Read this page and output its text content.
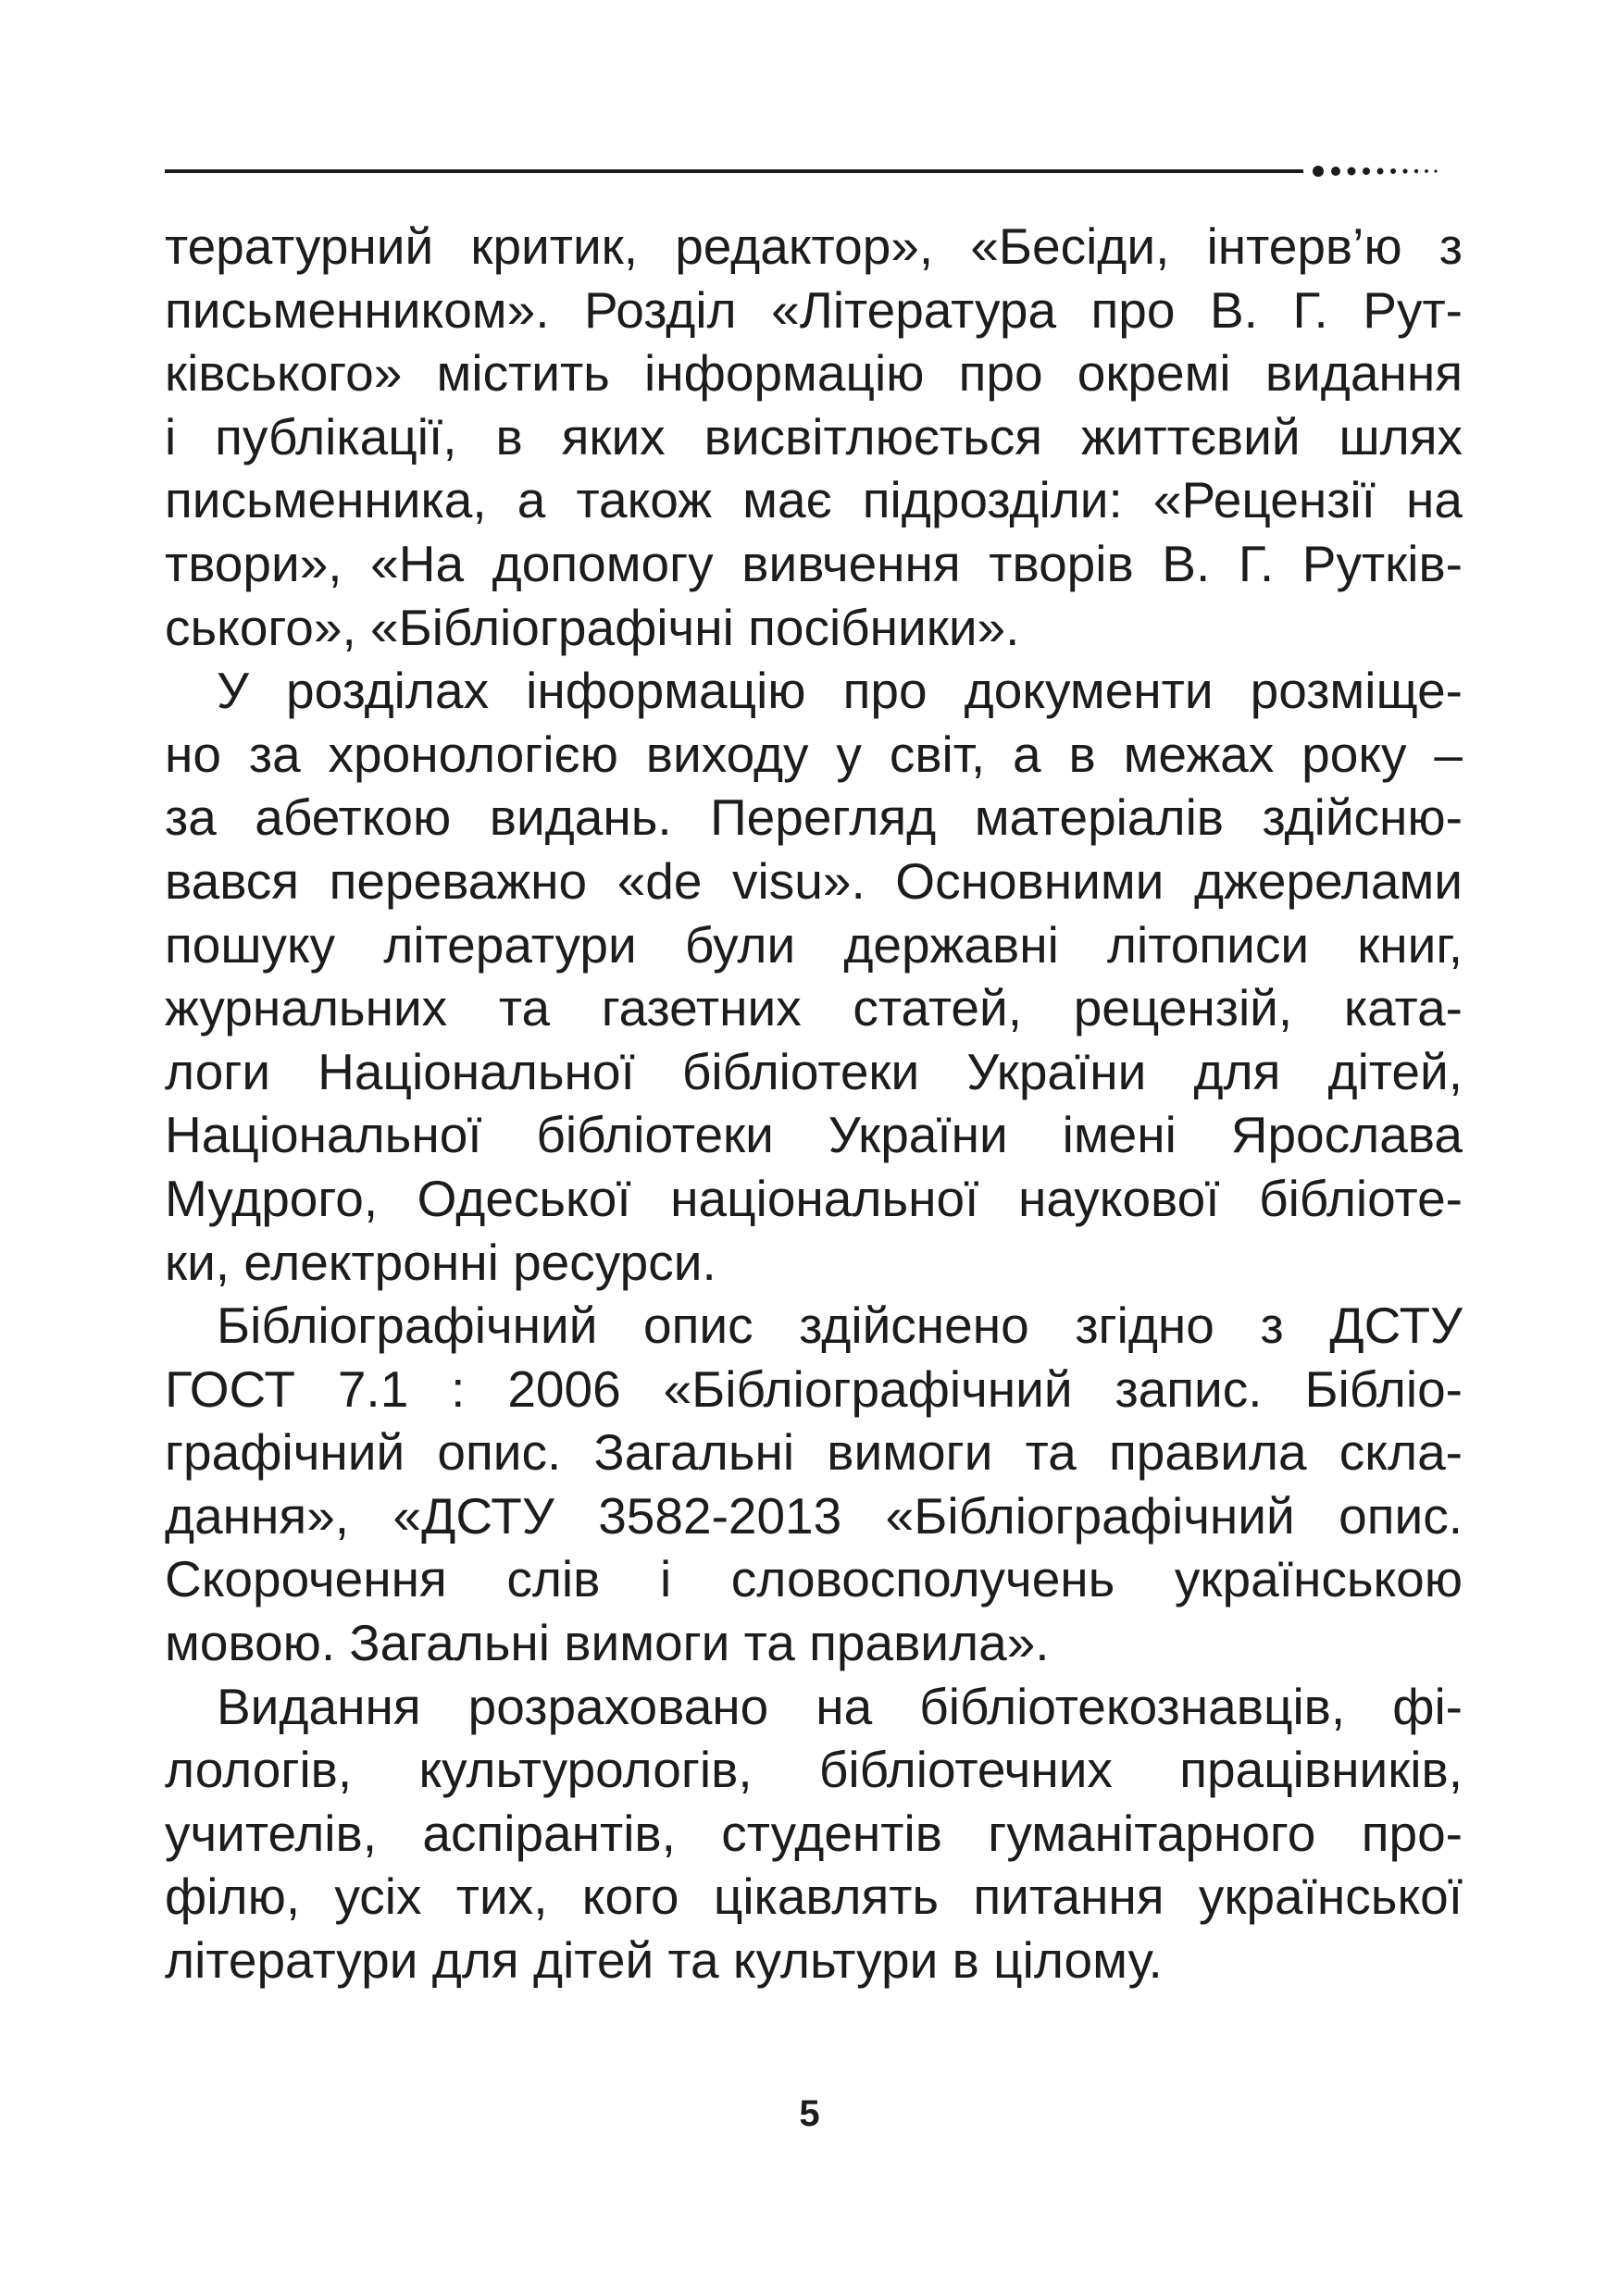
тературний критик, редактор», «Бесіди, інтерв’ю з
письменником». Розділ «Література про В. Г. Рут-
ківського» містить інформацію про окремі видання
і публікації, в яких висвітлюється життєвий шлях
письменника, а також має підрозділи: «Рецензії на
твори», «На допомогу вивчення творів В. Г. Рутків-
ського», «Бібліографічні посібники».
У розділах інформацію про документи розміще-
но за хронологією виходу у світ, а в межах року –
за абеткою видань. Перегляд матеріалів здійсню-
вався переважно «de visu». Основними джерелами
пошуку літератури були державні літописи книг,
журнальних та газетних статей, рецензій, ката-
логи Національної бібліотеки України для дітей,
Національної бібліотеки України імені Ярослава
Мудрого, Одеської національної наукової бібліоте-
ки, електронні ресурси.
Бібліографічний опис здійснено згідно з ДСТУ
ГОСТ 7.1 : 2006 «Бібліографічний запис. Бібліо-
графічний опис. Загальні вимоги та правила скла-
дання», «ДСТУ 3582-2013 «Бібліографічний опис.
Скорочення слів і словосполучень українською
мовою. Загальні вимоги та правила».
Видання розраховано на бібліотекознавців, фі-
лологів, культурологів, бібліотечних працівників,
учителів, аспірантів, студентів гуманітарного про-
філю, усіх тих, кого цікавлять питання української
літератури для дітей та культури в цілому.
5
